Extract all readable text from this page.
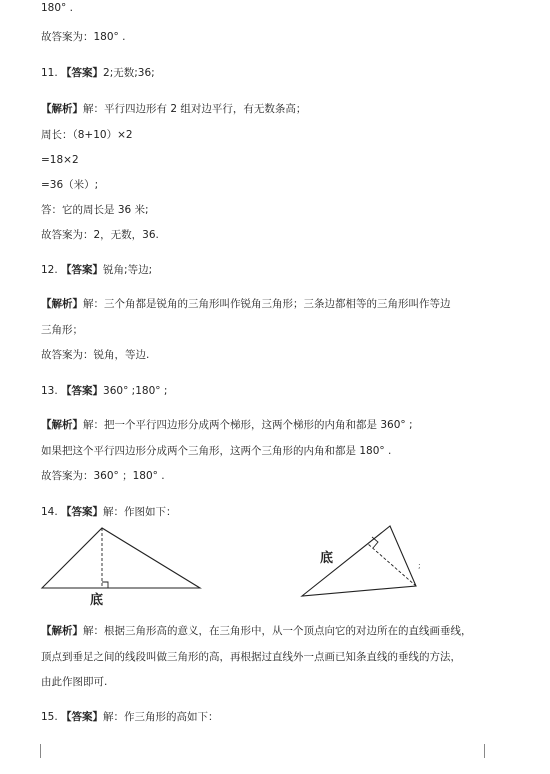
180° .
故答案为：180° .
11. 【答案】2;无数;36;
【解析】解：平行四边形有 2 组对边平行，有无数条高；
周长：（8+10）×2
=18×2
=36（米）;
答：它的周长是 36 米;
故答案为：2，无数，36.
12. 【答案】锐角;等边;
【解析】解：三个角都是锐角的三角形叫作锐角三角形；三条边都相等的三角形叫作等边
三角形；
故答案为：锐角，等边.
13. 【答案】360° ;180° ;
【解析】解：把一个平行四边形分成两个梯形，这两个梯形的内角和都是 360° ;
如果把这个平行四边形分成两个三角形，这两个三角形的内角和都是 180° .
故答案为：360° ；180° .
14. 【答案】解：作图如下：
【解析】解：根据三角形高的意义，在三角形中，从一个顶点向它的对边所在的直线画垂线，
顶点到垂足之间的线段叫做三角形的高，再根据过直线外一点画已知条直线的垂线的方法，
由此作图即可.
15. 【答案】解：作三角形的高如下：
底
底	;
